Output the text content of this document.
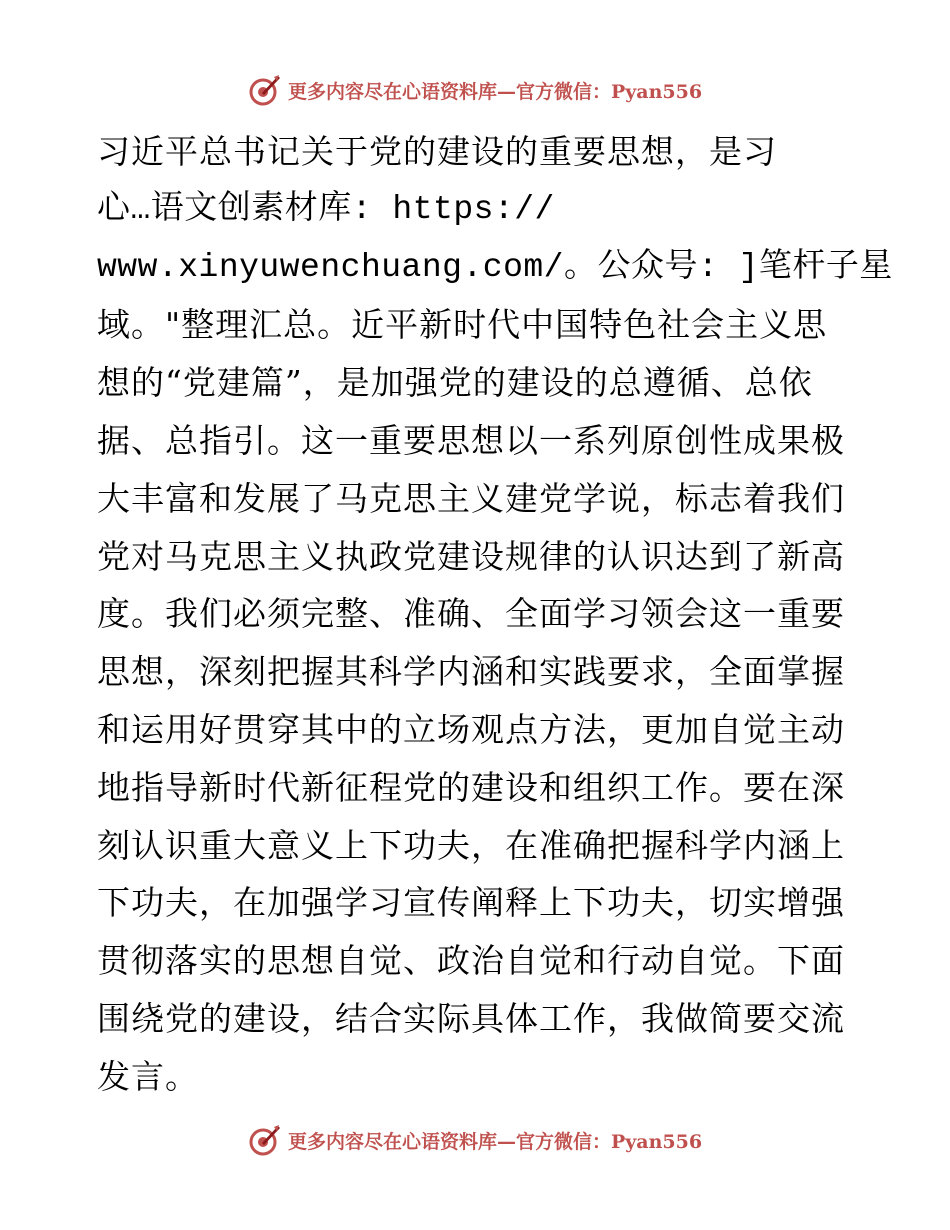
更多内容尽在心语资料库—官方微信：Pyan556
习近平总书记关于党的建设的重要思想，是习
心…语文创素材库: https://
www.xinyuwenchuang.com/。公众号: ]笔杆子星
域。"整理汇总。近平新时代中国特色社会主义思
想的“党建篇”，是加强党的建设的总遵循、总依
据、总指引。这一重要思想以一系列原创性成果极
大丰富和发展了马克思主义建党学说，标志着我们
党对马克思主义执政党建设规律的认识达到了新高
度。我们必须完整、准确、全面学习领会这一重要
思想，深刻把握其科学内涵和实践要求，全面掌握
和运用好贯穿其中的立场观点方法，更加自觉主动
地指导新时代新征程党的建设和组织工作。要在深
刻认识重大意义上下功夫，在准确把握科学内涵上
下功夫，在加强学习宣传阐释上下功夫，切实增强
贯彻落实的思想自觉、政治自觉和行动自觉。下面
围绕党的建设，结合实际具体工作，我做简要交流
发言。
更多内容尽在心语资料库—官方微信：Pyan556
